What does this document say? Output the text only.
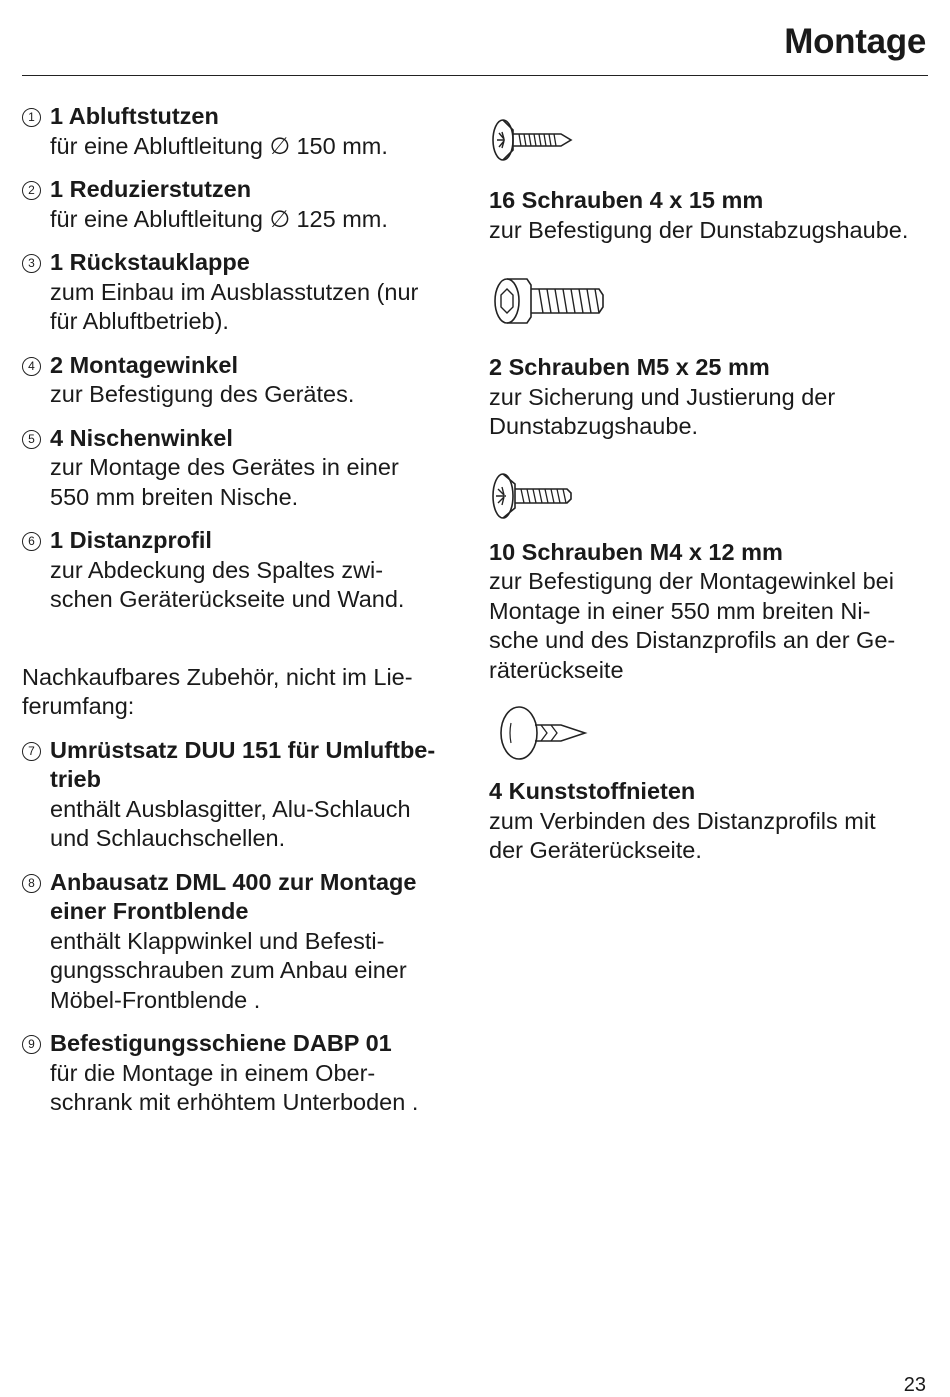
Montage
1 1 Abluftstutzen
für eine Abluftleitung ∅ 150 mm.
2 1 Reduzierstutzen
für eine Abluftleitung ∅ 125 mm.
3 1 Rückstauklappe
zum Einbau im Ausblasstutzen (nur
für Abluftbetrieb).
4 2 Montagewinkel
zur Befestigung des Gerätes.
5 4 Nischenwinkel
zur Montage des Gerätes in einer
550 mm breiten Nische.
6 1 Distanzprofil
zur Abdeckung des Spaltes zwi-
schen Geräterückseite und Wand.
Nachkaufbares Zubehör, nicht im Lie-
ferumfang:
7 Umrüstsatz DUU 151 für Umluftbe-
trieb
enthält Ausblasgitter, Alu-Schlauch
und Schlauchschellen.
8 Anbausatz DML 400 zur Montage
einer Frontblende
enthält Klappwinkel und Befesti-
gungsschrauben zum Anbau einer
Möbel-Frontblende .
9 Befestigungsschiene DABP 01
für die Montage in einem Ober-
schrank mit erhöhtem Unterboden .
16 Schrauben 4 x 15 mm
zur Befestigung der Dunstabzugshaube.
2 Schrauben M5 x 25 mm
zur Sicherung und Justierung der
Dunstabzugshaube.
10 Schrauben M4 x 12 mm
zur Befestigung der Montagewinkel bei
Montage in einer 550 mm breiten Ni-
sche und des Distanzprofils an der Ge-
räterückseite
4 Kunststoffnieten
zum Verbinden des Distanzprofils mit
der Geräterückseite.
23
